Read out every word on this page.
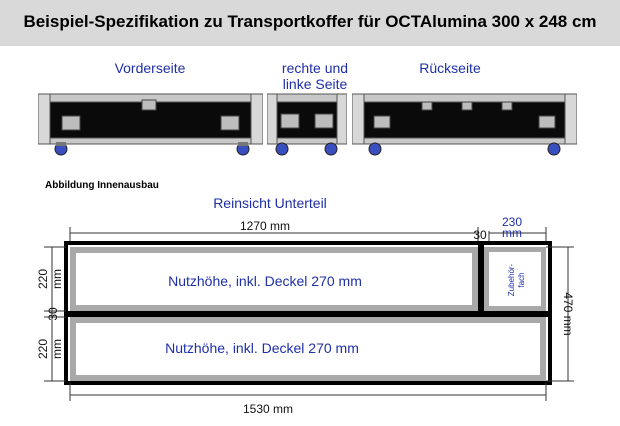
Beispiel-Spezifikation zu Transportkoffer für OCTAlumina 300 x 248 cm
Vorderseite	rechte und
linke Seite
Rückseite
Abbildung Innenausbau
Reinsicht Unterteil
1270 mm
30
230
mm
Nutzhöhe, inkl. Deckel 270 mm	Zubehör- fach
Nutzhöhe, inkl. Deckel 270 mm
220 mm
30
220 mm
470 mm
1530 mm
